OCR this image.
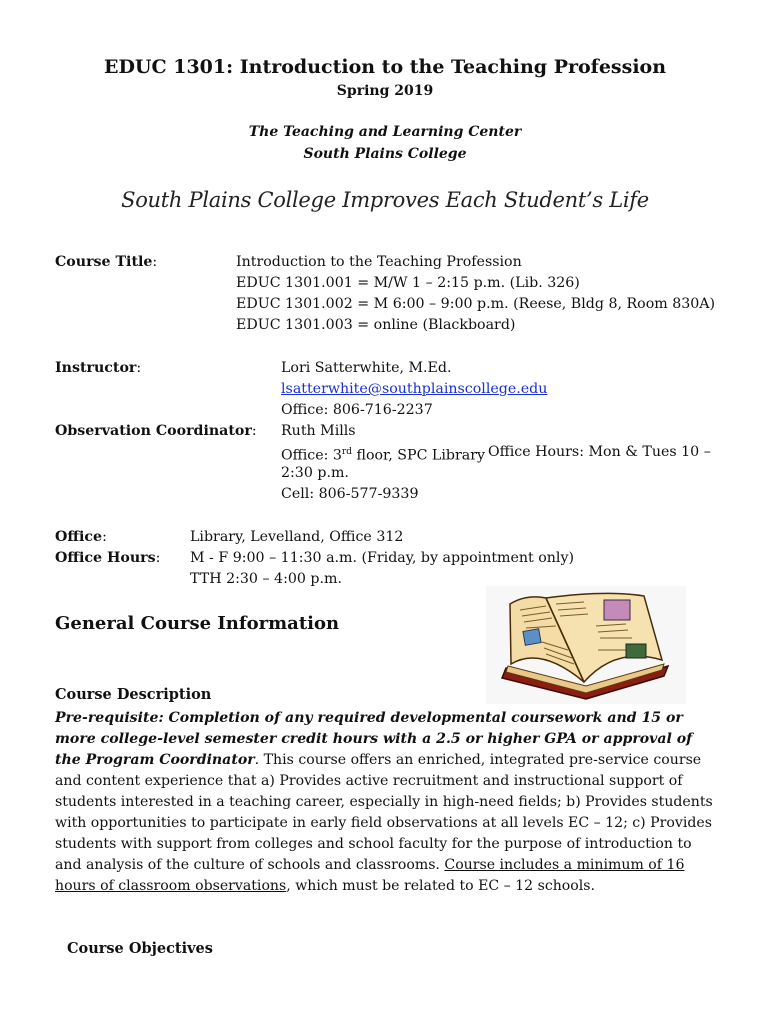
EDUC 1301: Introduction to the Teaching Profession
Spring 2019
The Teaching and Learning Center
South Plains College
South Plains College Improves Each Student’s Life
Course Title:	Introduction to the Teaching Profession
EDUC 1301.001 = M/W 1 – 2:15 p.m. (Lib. 326)
EDUC 1301.002 = M 6:00 – 9:00 p.m. (Reese, Bldg 8, Room 830A)
EDUC 1301.003 = online (Blackboard)
Instructor:	Lori Satterwhite, M.Ed.
lsatterwhite@southplainscollege.edu
Office: 806-716-2237
Observation Coordinator: Ruth Mills
Office: 3rd floor, SPC Library Office Hours: Mon & Tues 10 –
2:30 p.m.
Cell: 806-577-9339
Office:	Library, Levelland, Office 312
Office Hours: M - F 9:00 – 11:30 a.m. (Friday, by appointment only)
TTH 2:30 – 4:00 p.m.
General Course Information
Course Description
Pre-requisite: Completion of any required developmental coursework and 15 or more college-level semester credit hours with a 2.5 or higher GPA or approval of the Program Coordinator. This course offers an enriched, integrated pre-service course and content experience that a) Provides active recruitment and instructional support of students interested in a teaching career, especially in high-need fields; b) Provides students with opportunities to participate in early field observations at all levels EC – 12; c) Provides students with support from colleges and school faculty for the purpose of introduction to and analysis of the culture of schools and classrooms. Course includes a minimum of 16 hours of classroom observations, which must be related to EC – 12 schools.
Course Objectives
